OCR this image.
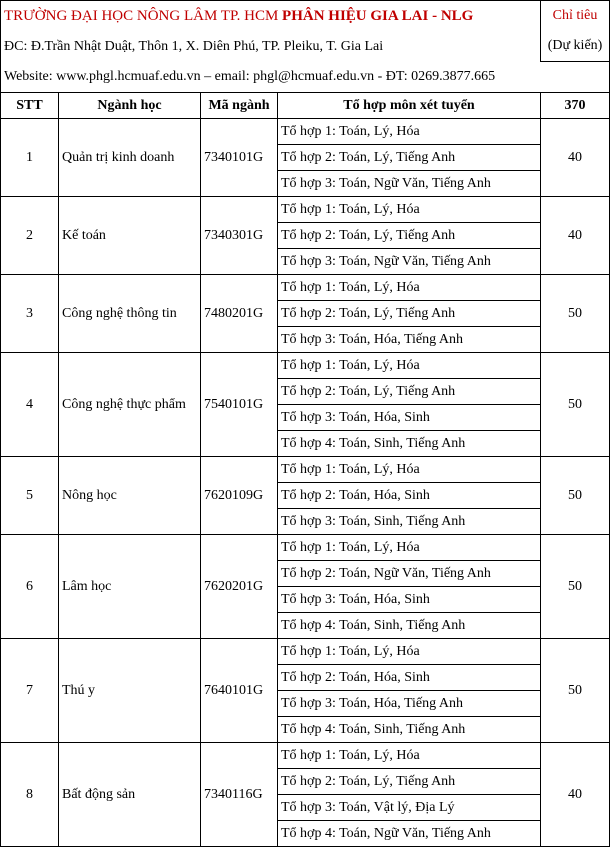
TRƯỜNG ĐẠI HỌC NÔNG LÂM TP. HCM PHÂN HIỆU GIA LAI - NLG				Chỉ tiêu
ĐC: Đ.Trần Nhật Duật, Thôn 1, X. Diên Phú, TP. Pleiku, T. Gia Lai				(Dự kiến)
Website: www.phgl.hcmuaf.edu.vn – email: phgl@hcmuaf.edu.vn - ĐT: 0269.3877.665				
STT	Ngành học	Mã ngành	Tổ hợp môn xét tuyển	370
1	Quản trị kinh doanh	7340101G	Tổ hợp 1: Toán, Lý, Hóa	40
			Tổ hợp 2: Toán, Lý, Tiếng Anh	
			Tổ hợp 3: Toán, Ngữ Văn, Tiếng Anh	
2	Kế toán	7340301G	Tổ hợp 1: Toán, Lý, Hóa	40
			Tổ hợp 2: Toán, Lý, Tiếng Anh	
			Tổ hợp 3: Toán, Ngữ Văn, Tiếng Anh	
3	Công nghệ thông tin	7480201G	Tổ hợp 1: Toán, Lý, Hóa	50
			Tổ hợp 2: Toán, Lý, Tiếng Anh	
			Tổ hợp 3: Toán, Hóa, Tiếng Anh	
4	Công nghệ thực phẩm	7540101G	Tổ hợp 1: Toán, Lý, Hóa	50
			Tổ hợp 2: Toán, Lý, Tiếng Anh	
			Tổ hợp 3: Toán, Hóa, Sinh	
			Tổ hợp 4: Toán, Sinh, Tiếng Anh	
5	Nông học	7620109G	Tổ hợp 1: Toán, Lý, Hóa	50
			Tổ hợp 2: Toán, Hóa, Sinh	
			Tổ hợp 3: Toán, Sinh, Tiếng Anh	
6	Lâm học	7620201G	Tổ hợp 1: Toán, Lý, Hóa	50
			Tổ hợp 2: Toán, Ngữ Văn, Tiếng Anh	
			Tổ hợp 3: Toán, Hóa, Sinh	
			Tổ hợp 4: Toán, Sinh, Tiếng Anh	
7	Thú y	7640101G	Tổ hợp 1: Toán, Lý, Hóa	50
			Tổ hợp 2: Toán, Hóa, Sinh	
			Tổ hợp 3: Toán, Hóa, Tiếng Anh	
			Tổ hợp 4: Toán, Sinh, Tiếng Anh	
8	Bất động sản	7340116G	Tổ hợp 1: Toán, Lý, Hóa	40
			Tổ hợp 2: Toán, Lý, Tiếng Anh	
			Tổ hợp 3: Toán, Vật lý, Địa Lý	
			Tổ hợp 4: Toán, Ngữ Văn, Tiếng Anh	
